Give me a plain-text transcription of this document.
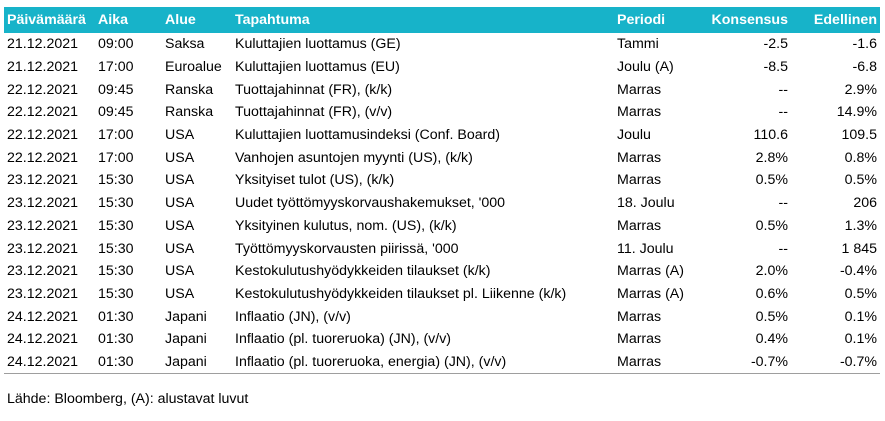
Päivämäärä	Aika	Alue	Tapahtuma	Periodi	Konsensus	Edellinen
21.12.2021	09:00	Saksa	Kuluttajien luottamus (GE)	Tammi	-2.5	-1.6
21.12.2021	17:00	Euroalue	Kuluttajien luottamus (EU)	Joulu (A)	-8.5	-6.8
22.12.2021	09:45	Ranska	Tuottajahinnat (FR), (k/k)	Marras	--	2.9%
22.12.2021	09:45	Ranska	Tuottajahinnat (FR), (v/v)	Marras	--	14.9%
22.12.2021	17:00	USA	Kuluttajien luottamusindeksi (Conf. Board)	Joulu	110.6	109.5
22.12.2021	17:00	USA	Vanhojen asuntojen myynti (US), (k/k)	Marras	2.8%	0.8%
23.12.2021	15:30	USA	Yksityiset tulot (US), (k/k)	Marras	0.5%	0.5%
23.12.2021	15:30	USA	Uudet työttömyyskorvaushakemukset, '000	18. Joulu	--	206
23.12.2021	15:30	USA	Yksityinen kulutus, nom. (US), (k/k)	Marras	0.5%	1.3%
23.12.2021	15:30	USA	Työttömyyskorvausten piirissä, '000	11. Joulu	--	1 845
23.12.2021	15:30	USA	Kestokulutushyödykkeiden tilaukset (k/k)	Marras (A)	2.0%	-0.4%
23.12.2021	15:30	USA	Kestokulutushyödykkeiden tilaukset pl. Liikenne (k/k)	Marras (A)	0.6%	0.5%
24.12.2021	01:30	Japani	Inflaatio (JN), (v/v)	Marras	0.5%	0.1%
24.12.2021	01:30	Japani	Inflaatio (pl. tuoreruoka) (JN), (v/v)	Marras	0.4%	0.1%
24.12.2021	01:30	Japani	Inflaatio (pl. tuoreruoka, energia) (JN), (v/v)	Marras	-0.7%	-0.7%
Lähde: Bloomberg, (A): alustavat luvut
